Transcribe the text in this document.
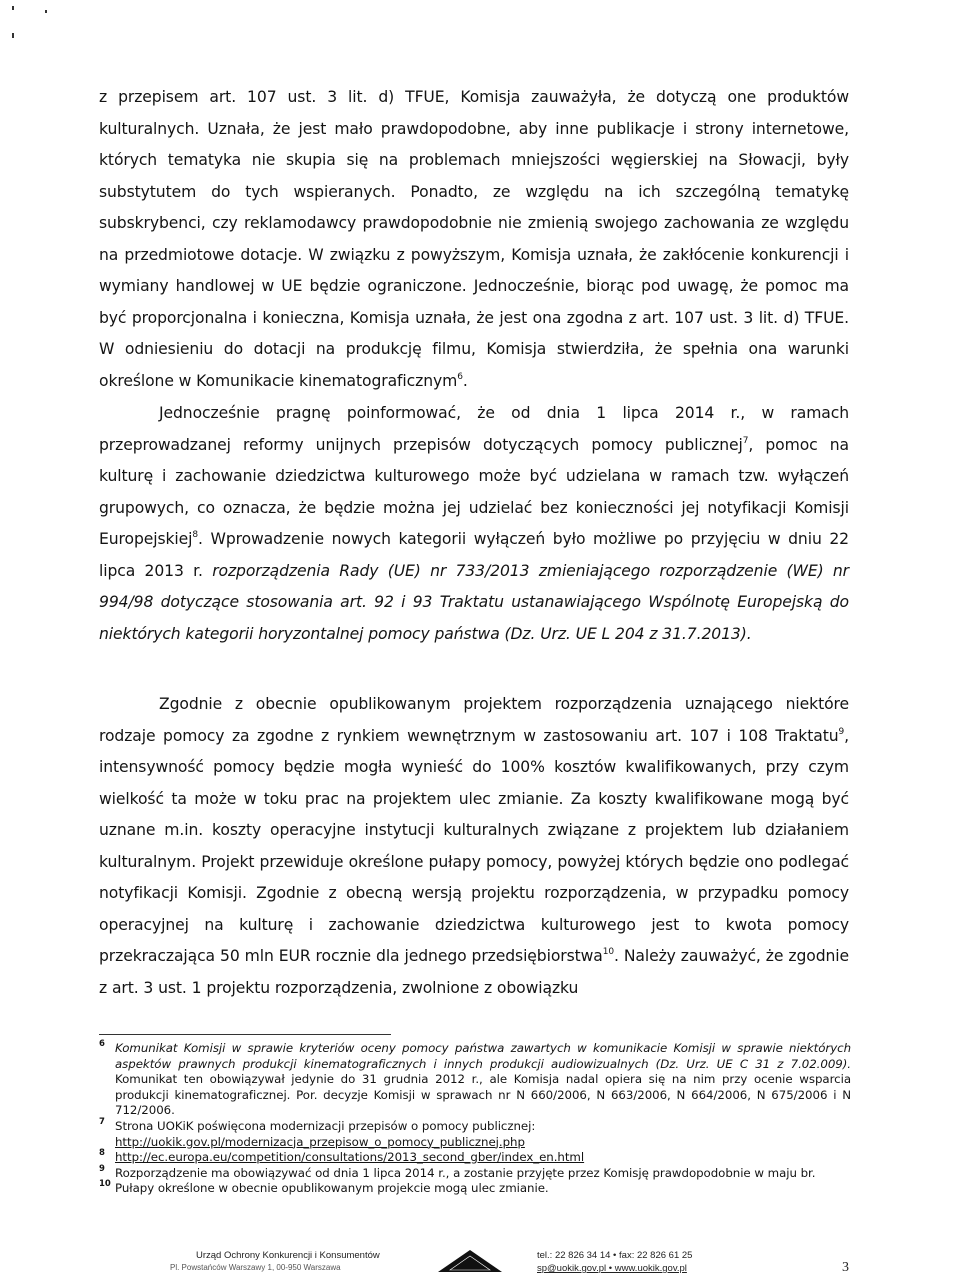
z przepisem art. 107 ust. 3 lit. d) TFUE, Komisja zauważyła, że dotyczą one produktów kulturalnych. Uznała, że jest mało prawdopodobne, aby inne publikacje i strony internetowe, których tematyka nie skupia się na problemach mniejszości węgierskiej na Słowacji, były substytutem do tych wspieranych. Ponadto, ze względu na ich szczególną tematykę subskrybenci, czy reklamodawcy prawdopodobnie nie zmienią swojego zachowania ze względu na przedmiotowe dotacje. W związku z powyższym, Komisja uznała, że zakłócenie konkurencji i wymiany handlowej w UE będzie ograniczone. Jednocześnie, biorąc pod uwagę, że pomoc ma być proporcjonalna i konieczna, Komisja uznała, że jest ona zgodna z art. 107 ust. 3 lit. d) TFUE. W odniesieniu do dotacji na produkcję filmu, Komisja stwierdziła, że spełnia ona warunki określone w Komunikacie kinematograficznym$^6$.

Jednocześnie pragnę poinformować, że od dnia 1 lipca 2014 r., w ramach przeprowadzanej reformy unijnych przepisów dotyczących pomocy publicznej$^7$, pomoc na kulturę i zachowanie dziedzictwa kulturowego może być udzielana w ramach tzw. wyłączeń grupowych, co oznacza, że będzie można jej udzielać bez konieczności jej notyfikacji Komisji Europejskiej$^8$. Wprowadzenie nowych kategorii wyłączeń było możliwe po przyjęciu w dniu 22 lipca 2013 r. rozporządzenia Rady (UE) nr 733/2013 zmieniającego rozporządzenie (WE) nr 994/98 dotyczące stosowania art. 92 i 93 Traktatu ustanawiającego Wspólnotę Europejską do niektórych kategorii horyzontalnej pomocy państwa (Dz. Urz. UE L 204 z 31.7.2013).

Zgodnie z obecnie opublikowanym projektem rozporządzenia uznającego niektóre rodzaje pomocy za zgodne z rynkiem wewnętrznym w zastosowaniu art. 107 i 108 Traktatu$^9$, intensywność pomocy będzie mogła wynieść do 100% kosztów kwalifikowanych, przy czym wielkość ta może w toku prac na projektem ulec zmianie. Za koszty kwalifikowane mogą być uznane m.in. koszty operacyjne instytucji kulturalnych związane z projektem lub działaniem kulturalnym. Projekt przewiduje określone pułapy pomocy, powyżej których będzie ono podlegać notyfikacji Komisji. Zgodnie z obecną wersją projektu rozporządzenia, w przypadku pomocy operacyjnej na kulturę i zachowanie dziedzictwa kulturowego jest to kwota pomocy przekraczająca 50 mln EUR rocznie dla jednego przedsiębiorstwa$^{10}$. Należy zauważyć, że zgodnie z art. 3 ust. 1 projektu rozporządzenia, zwolnione z obowiązku

6 Komunikat Komisji w sprawie kryteriów oceny pomocy państwa zawartych w komunikacie Komisji w sprawie niektórych aspektów prawnych produkcji kinematograficznych i innych produkcji audiowizualnych (Dz. Urz. UE C 31 z 7.02.009). Komunikat ten obowiązywał jedynie do 31 grudnia 2012 r., ale Komisja nadal opiera się na nim przy ocenie wsparcia produkcji kinematograficznej. Por. decyzje Komisji w sprawach nr N 660/2006, N 663/2006, N 664/2006, N 675/2006 i N 712/2006.

7 Strona UOKiK poświęcona modernizacji przepisów o pomocy publicznej:
http://uokik.gov.pl/modernizacja_przepisow_o_pomocy_publicznej.php

8 http://ec.europa.eu/competition/consultations/2013_second_gber/index_en.html

9 Rozporządzenie ma obowiązywać od dnia 1 lipca 2014 r., a zostanie przyjęte przez Komisję prawdopodobnie w maju br.

10 Pułapy określone w obecnie opublikowanym projekcie mogą ulec zmianie.

Urząd Ochrony Konkurencji i Konsumentów
Pl. Powstańców Warszawy 1, 00-950 Warszawa
tel.: 22 826 34 14 • fax: 22 826 61 25
sp@uokik.gov.pl • www.uokik.gov.pl	3
